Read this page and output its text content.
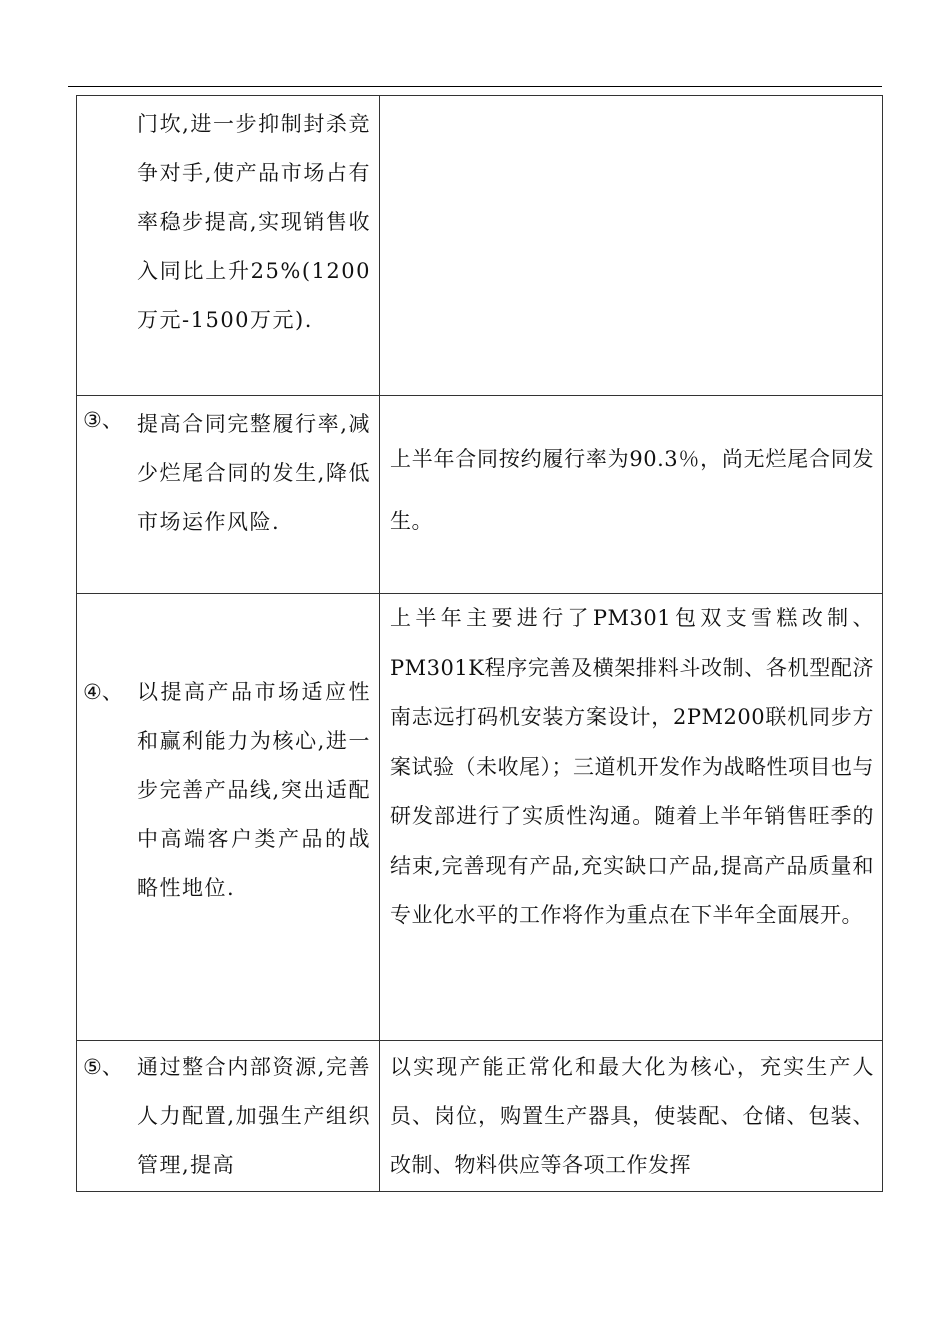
门坎,进一步抑制封杀竞争对手,使产品市场占有率稳步提高,实现销售收入同比上升25%(1200万元-1500万元).	

③、 提高合同完整履行率,减少烂尾合同的发生,降低市场运作风险.	上半年合同按约履行率为90.3％，尚无烂尾合同发生。

④、 以提高产品市场适应性和赢利能力为核心,进一步完善产品线,突出适配中高端客户类产品的战略性地位.	上半年主要进行了PM301包双支雪糕改制、PM301K程序完善及横架排料斗改制、各机型配济南志远打码机安装方案设计，2PM200联机同步方案试验（未收尾）；三道机开发作为战略性项目也与研发部进行了实质性沟通。随着上半年销售旺季的结束,完善现有产品,充实缺口产品,提高产品质量和专业化水平的工作将作为重点在下半年全面展开。

⑤、 通过整合内部资源,完善人力配置,加强生产组织管理,提高	以实现产能正常化和最大化为核心，充实生产人员、岗位，购置生产器具，使装配、仓储、包装、改制、物料供应等各项工作发挥
